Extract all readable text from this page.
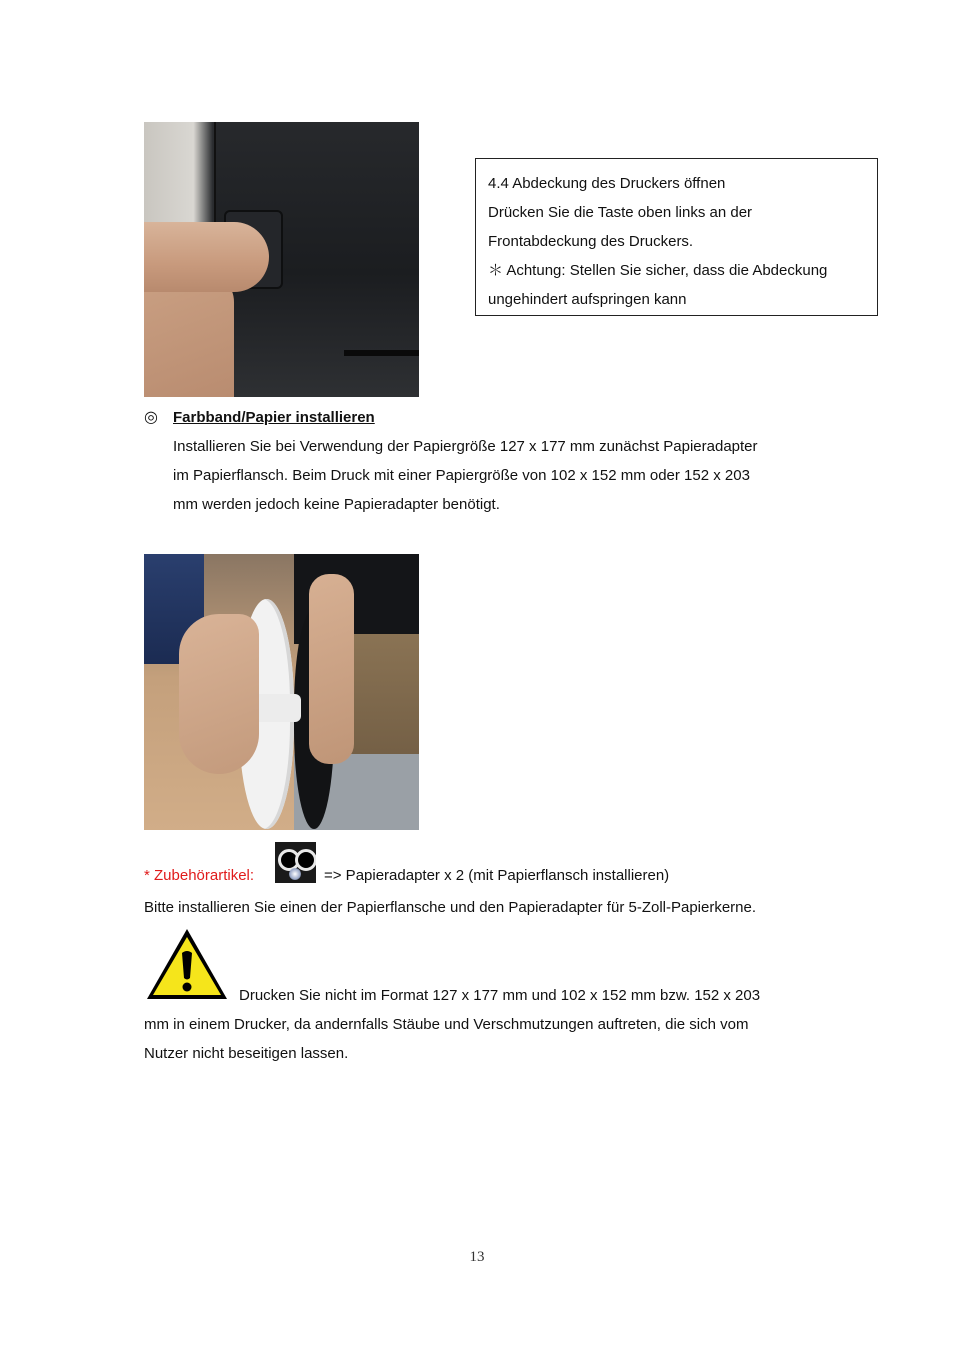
4.4 Abdeckung des Druckers öffnen
Drücken Sie die Taste oben links an der
Frontabdeckung des Druckers.
＊ Achtung: Stellen Sie sicher, dass die Abdeckung
ungehindert aufspringen kann
◎ Farbband/Papier installieren
Installieren Sie bei Verwendung der Papiergröße 127 x 177 mm zunächst Papieradapter
im Papierflansch. Beim Druck mit einer Papiergröße von 102 x 152 mm oder 152 x 203
mm werden jedoch keine Papieradapter benötigt.
* Zubehörartikel:	=> Papieradapter x 2 (mit Papierflansch installieren)
Bitte installieren Sie einen der Papierflansche und den Papieradapter für 5-Zoll-Papierkerne.
Drucken Sie nicht im Format 127 x 177 mm und 102 x 152 mm bzw. 152 x 203
mm in einem Drucker, da andernfalls Stäube und Verschmutzungen auftreten, die sich vom
Nutzer nicht beseitigen lassen.
13
